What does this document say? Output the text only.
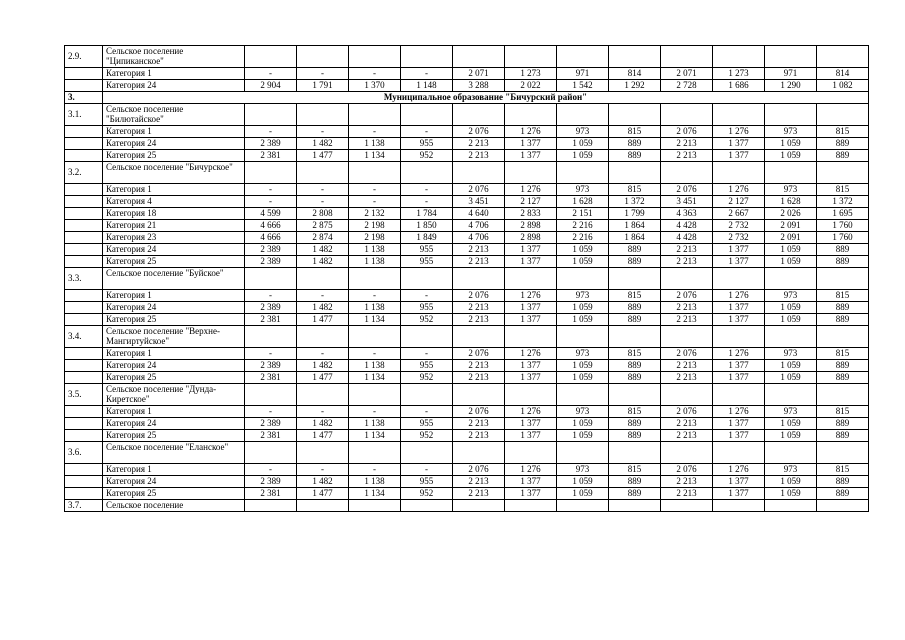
2.9.	Сельское поселение "Ципиканское"												
	Категория 1	-	-	-	-	2 071	1 273	971	814	2 071	1 273	971	814
	Категория 24	2 904	1 791	1 370	1 148	3 288	2 022	1 542	1 292	2 728	1 686	1 290	1 082
3.	Муниципальное образование "Бичурский район"												
3.1.	Сельское поселение "Билютайское"												
	Категория 1	-	-	-	-	2 076	1 276	973	815	2 076	1 276	973	815
	Категория 24	2 389	1 482	1 138	955	2 213	1 377	1 059	889	2 213	1 377	1 059	889
	Категория 25	2 381	1 477	1 134	952	2 213	1 377	1 059	889	2 213	1 377	1 059	889
3.2.	Сельское поселение "Бичурское"												
	Категория 1	-	-	-	-	2 076	1 276	973	815	2 076	1 276	973	815
	Категория 4	-	-	-	-	3 451	2 127	1 628	1 372	3 451	2 127	1 628	1 372
	Категория 18	4 599	2 808	2 132	1 784	4 640	2 833	2 151	1 799	4 363	2 667	2 026	1 695
	Категория 21	4 666	2 875	2 198	1 850	4 706	2 898	2 216	1 864	4 428	2 732	2 091	1 760
	Категория 23	4 666	2 874	2 198	1 849	4 706	2 898	2 216	1 864	4 428	2 732	2 091	1 760
	Категория 24	2 389	1 482	1 138	955	2 213	1 377	1 059	889	2 213	1 377	1 059	889
	Категория 25	2 389	1 482	1 138	955	2 213	1 377	1 059	889	2 213	1 377	1 059	889
3.3.	Сельское поселение "Буйское"												
	Категория 1	-	-	-	-	2 076	1 276	973	815	2 076	1 276	973	815
	Категория 24	2 389	1 482	1 138	955	2 213	1 377	1 059	889	2 213	1 377	1 059	889
	Категория 25	2 381	1 477	1 134	952	2 213	1 377	1 059	889	2 213	1 377	1 059	889
3.4.	Сельское поселение "Верхне-Мангиртуйское"												
	Категория 1	-	-	-	-	2 076	1 276	973	815	2 076	1 276	973	815
	Категория 24	2 389	1 482	1 138	955	2 213	1 377	1 059	889	2 213	1 377	1 059	889
	Категория 25	2 381	1 477	1 134	952	2 213	1 377	1 059	889	2 213	1 377	1 059	889
3.5.	Сельское поселение "Дунда-Киретское"												
	Категория 1	-	-	-	-	2 076	1 276	973	815	2 076	1 276	973	815
	Категория 24	2 389	1 482	1 138	955	2 213	1 377	1 059	889	2 213	1 377	1 059	889
	Категория 25	2 381	1 477	1 134	952	2 213	1 377	1 059	889	2 213	1 377	1 059	889
3.6.	Сельское поселение "Еланское"												
	Категория 1	-	-	-	-	2 076	1 276	973	815	2 076	1 276	973	815
	Категория 24	2 389	1 482	1 138	955	2 213	1 377	1 059	889	2 213	1 377	1 059	889
	Категория 25	2 381	1 477	1 134	952	2 213	1 377	1 059	889	2 213	1 377	1 059	889
3.7.	Сельское поселение												
